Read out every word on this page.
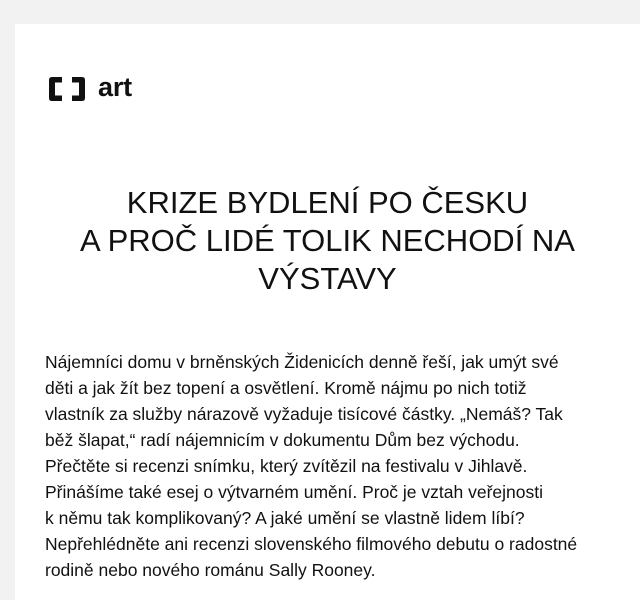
art
KRIZE BYDLENÍ PO ČESKU
A PROČ LIDÉ TOLIK NECHODÍ NA
VÝSTAVY

Nájemníci domu v brněnských Židenicích denně řeší, jak umýt své
děti a jak žít bez topení a osvětlení. Kromě nájmu po nich totiž
vlastník za služby nárazově vyžaduje tisícové částky. „Nemáš? Tak
běž šlapat,“ radí nájemnicím v dokumentu Dům bez východu.
Přečtěte si recenzi snímku, který zvítězil na festivalu v Jihlavě.
Přinášíme také esej o výtvarném umění. Proč je vztah veřejnosti
k němu tak komplikovaný? A jaké umění se vlastně lidem líbí?
Nepřehlédněte ani recenzi slovenského filmového debutu o radostné
rodině nebo nového románu Sally Rooney.
